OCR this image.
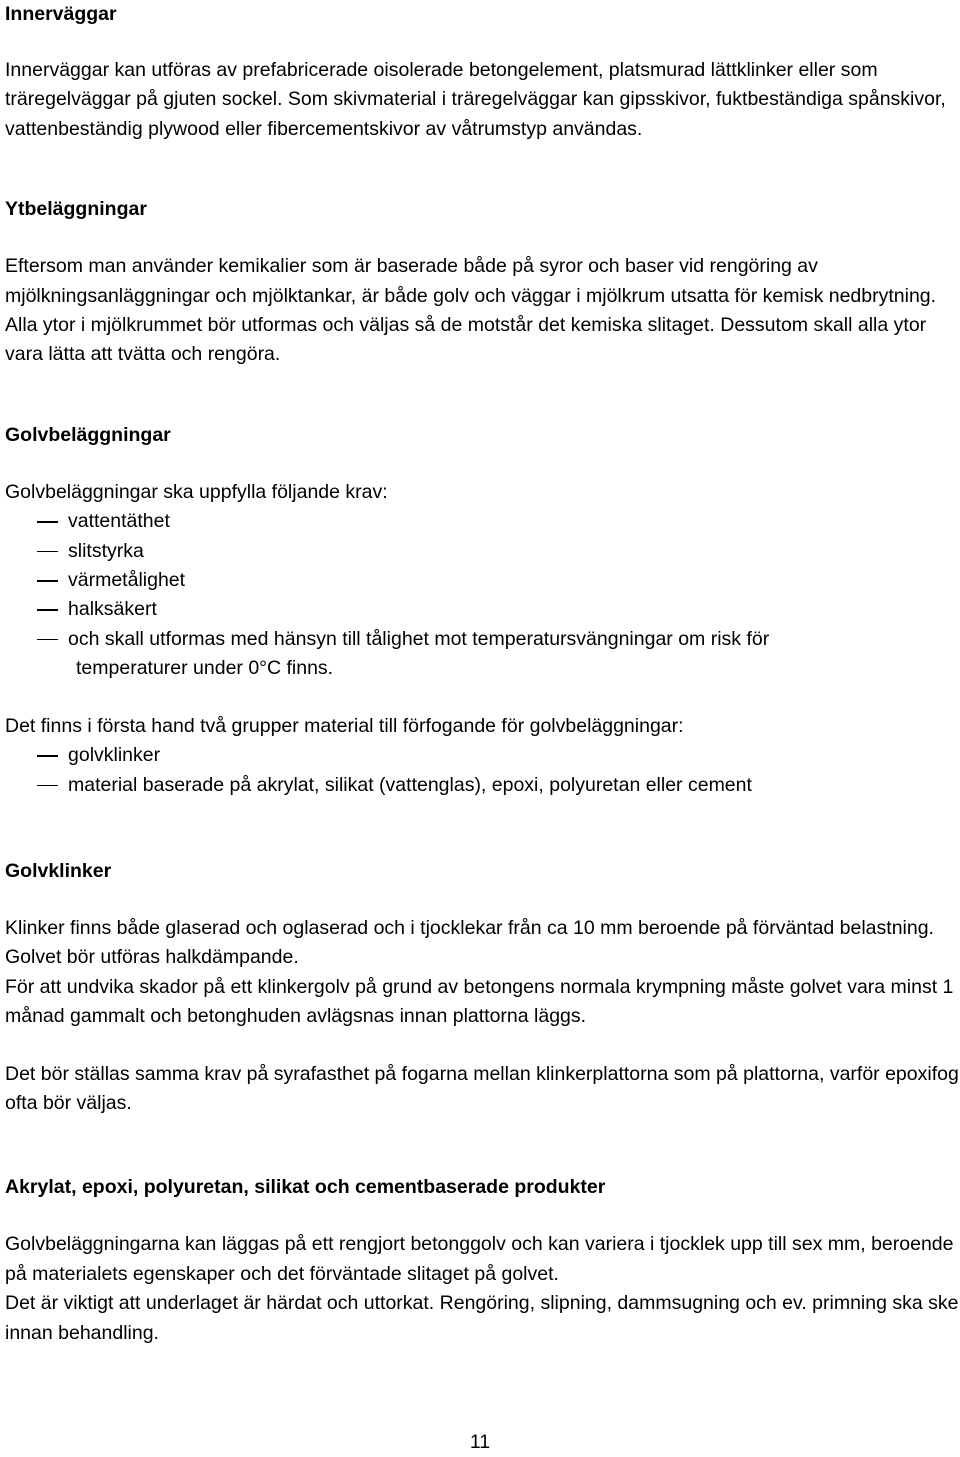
Innerväggar

Innerväggar kan utföras av prefabricerade oisolerade betongelement, platsmurad lättklinker eller som träregelväggar på gjuten sockel. Som skivmaterial i träregelväggar kan gipsskivor, fuktbeständiga spånskivor, vattenbeständig plywood eller fibercementskivor av våtrumstyp användas.

Ytbeläggningar

Eftersom man använder kemikalier som är baserade både på syror och baser vid rengöring av mjölkningsanläggningar och mjölktankar, är både golv och väggar i mjölkrum utsatta för kemisk nedbrytning. Alla ytor i mjölkrummet bör utformas och väljas så de motstår det kemiska slitaget. Dessutom skall alla ytor vara lätta att tvätta och rengöra.

Golvbeläggningar

Golvbeläggningar ska uppfylla följande krav:

vattentäthet
slitstyrka
värmetålighet
halksäkert
och skall utformas med hänsyn till tålighet mot temperatursvängningar om risk för
temperaturer under 0°C finns.

Det finns i första hand två grupper material till förfogande för golvbeläggningar:

golvklinker
material baserade på akrylat, silikat (vattenglas), epoxi, polyuretan eller cement
Golvklinker

Klinker finns både glaserad och oglaserad och i tjocklekar från ca 10 mm beroende på förväntad belastning. Golvet bör utföras halkdämpande.

För att undvika skador på ett klinkergolv på grund av betongens normala krympning måste golvet vara minst 1 månad gammalt och betonghuden avlägsnas innan plattorna läggs.

Det bör ställas samma krav på syrafasthet på fogarna mellan klinkerplattorna som på plattorna, varför epoxifog ofta bör väljas.

Akrylat, epoxi, polyuretan, silikat och cementbaserade produkter

Golvbeläggningarna kan läggas på ett rengjort betonggolv och kan variera i tjocklek upp till sex mm, beroende på materialets egenskaper och det förväntade slitaget på golvet.

Det är viktigt att underlaget är härdat och uttorkat. Rengöring, slipning, dammsugning och ev. primning ska ske innan behandling.

11
